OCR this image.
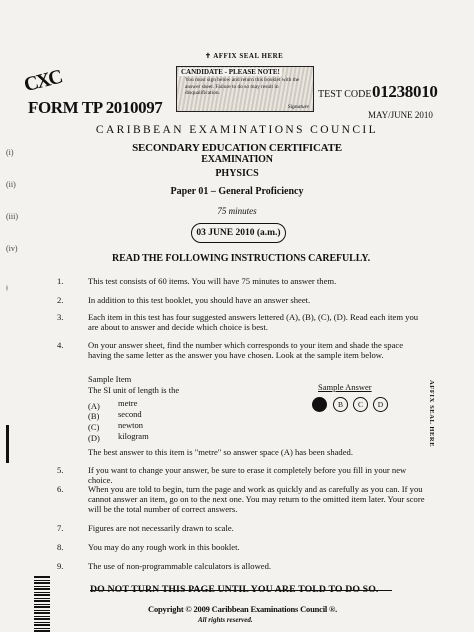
CXC
FORM TP 2010097
✝ AFFIX SEAL HERE
CANDIDATE - PLEASE NOTE!
You must sign below and return this booklet with the answer sheet. Failure to do so may result in disqualification.
Signature
TEST CODE 01238010
MAY/JUNE 2010
CARIBBEAN EXAMINATIONS COUNCIL
SECONDARY EDUCATION CERTIFICATE
EXAMINATION
PHYSICS
Paper 01 – General Proficiency
75 minutes
03 JUNE 2010 (a.m.)
(i)
(ii)
(iii)
(iv)
ǂ
READ THE FOLLOWING INSTRUCTIONS CAREFULLY.
1.	This test consists of 60 items. You will have 75 minutes to answer them.
2.	In addition to this test booklet, you should have an answer sheet.
3.	Each item in this test has four suggested answers lettered (A), (B), (C), (D). Read each item you are about to answer and decide which choice is best.
4.	On your answer sheet, find the number which corresponds to your item and shade the space having the same letter as the answer you have chosen. Look at the sample item below.
Sample Item
The SI unit of length is the	Sample Answer
(A) metre
(B) second
(C) newton
(D) kilogram
B	C	D	AFFIX SEAL HERE
The best answer to this item is "metre" so answer space (A) has been shaded.
5.	If you want to change your answer, be sure to erase it completely before you fill in your new choice.
6.	When you are told to begin, turn the page and work as quickly and as carefully as you can. If you cannot answer an item, go on to the next one. You may return to the omitted item later. Your score will be the total number of correct answers.
7.	Figures are not necessarily drawn to scale.
8.	You may do any rough work in this booklet.
9.	The use of non-programmable calculators is allowed.
Copyright © 2009 Caribbean Examinations Council ®.
All rights reserved.
